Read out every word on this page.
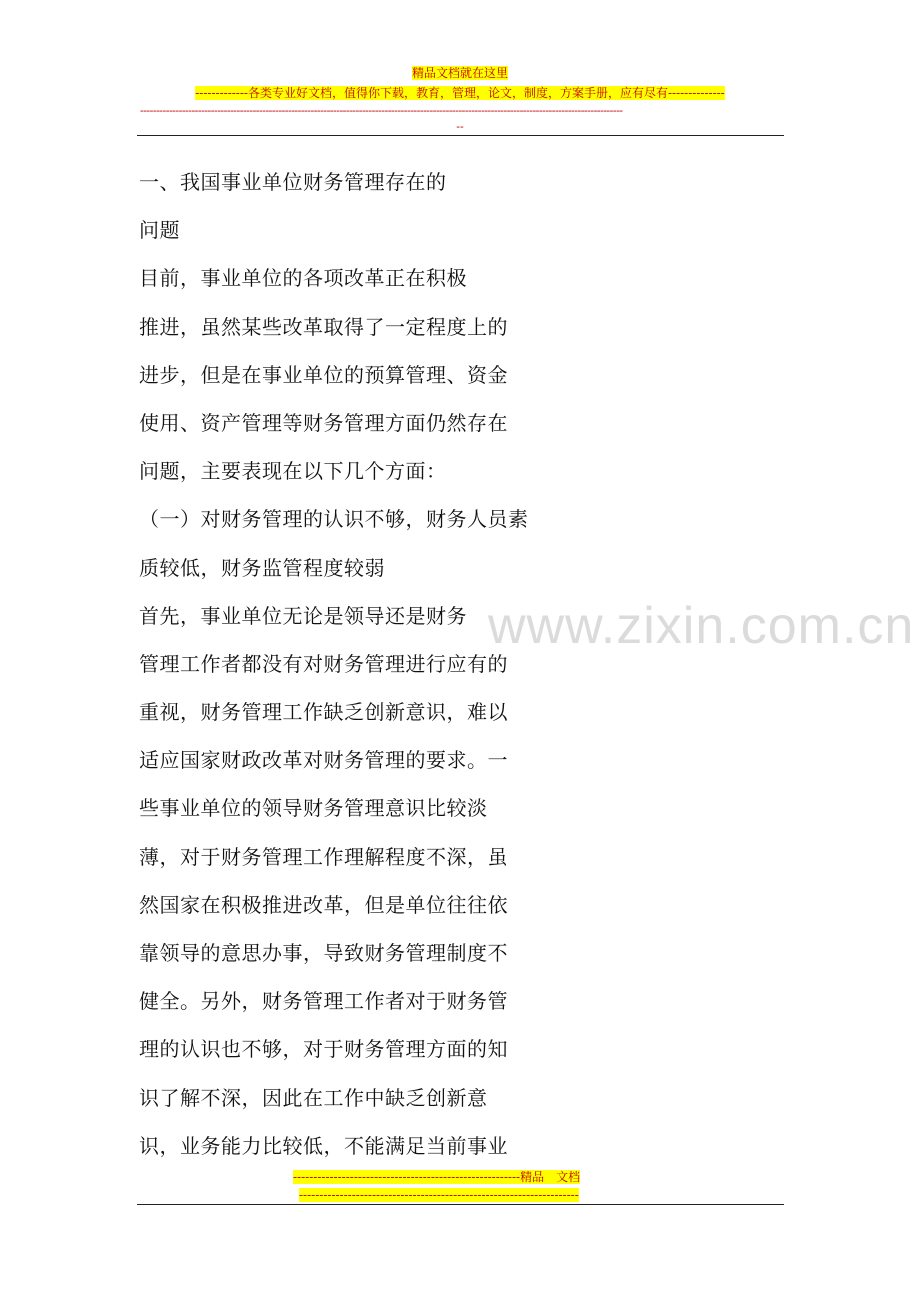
精品文档就在这里
-------------各类专业好文档，值得你下载，教育，管理，论文，制度，方案手册，应有尽有--------------
------------------------------------------------------------------------------------------------------------------------------------------------------
--
一、我国事业单位财务管理存在的
问题
目前，事业单位的各项改革正在积极
推进，虽然某些改革取得了一定程度上的
进步，但是在事业单位的预算管理、资金
使用、资产管理等财务管理方面仍然存在
问题，主要表现在以下几个方面：
（一）对财务管理的认识不够，财务人员素
质较低，财务监管程度较弱
首先，事业单位无论是领导还是财务
管理工作者都没有对财务管理进行应有的
重视，财务管理工作缺乏创新意识，难以
适应国家财政改革对财务管理的要求。一
些事业单位的领导财务管理意识比较淡
薄，对于财务管理工作理解程度不深，虽
然国家在积极推进改革，但是单位往往依
靠领导的意思办事，导致财务管理制度不
健全。另外，财务管理工作者对于财务管
理的认识也不够，对于财务管理方面的知
识了解不深，因此在工作中缺乏创新意
识，业务能力比较低，不能满足当前事业
www.zixin.com.cn
--------------------------------------------------------精品　文档
---------------------------------------------------------------------
